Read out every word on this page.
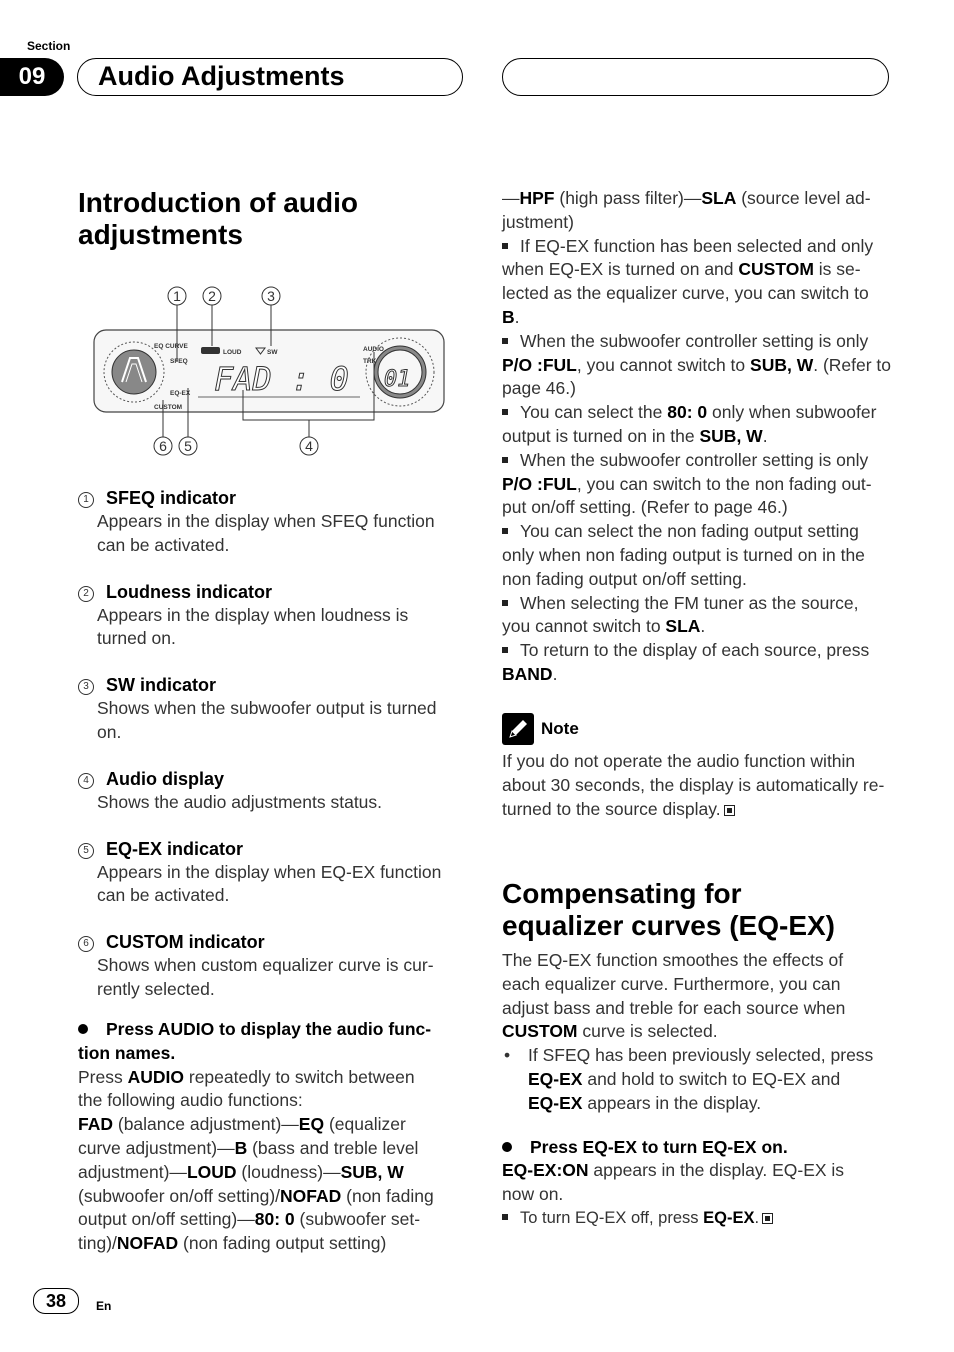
Section
09	Audio Adjustments
Introduction of audio
adjustments
1 2	3
6 5	4
EQ CURVE
SFEQ
EQ-EX
CUSTOM
LOUD	SW	AUDIO
TRK
FAD : 0 01
1 SFEQ indicator
Appears in the display when SFEQ function
can be activated.
2 Loudness indicator
Appears in the display when loudness is
turned on.
3 SW indicator
Shows when the subwoofer output is turned
on.
4 Audio display
Shows the audio adjustments status.
5 EQ-EX indicator
Appears in the display when EQ-EX function
can be activated.
6 CUSTOM indicator
Shows when custom equalizer curve is cur-
rently selected.
Press AUDIO to display the audio func-
tion names.
Press AUDIO repeatedly to switch between
the following audio functions:
FAD (balance adjustment)—EQ (equalizer
curve adjustment)—B (bass and treble level
adjustment)—LOUD (loudness)—SUB, W
(subwoofer on/off setting)/NOFAD (non fading
output on/off setting)—80: 0 (subwoofer set-
ting)/NOFAD (non fading output setting)
—HPF (high pass filter)—SLA (source level ad-
justment)
If EQ-EX function has been selected and only
when EQ-EX is turned on and CUSTOM is se-
lected as the equalizer curve, you can switch to
B.
When the subwoofer controller setting is only
P/O :FUL, you cannot switch to SUB, W. (Refer to
page 46.)
You can select the 80: 0 only when subwoofer
output is turned on in the SUB, W.
When the subwoofer controller setting is only
P/O :FUL, you can switch to the non fading out-
put on/off setting. (Refer to page 46.)
You can select the non fading output setting
only when non fading output is turned on in the
non fading output on/off setting.
When selecting the FM tuner as the source,
you cannot switch to SLA.
To return to the display of each source, press
BAND.
Note
If you do not operate the audio function within
about 30 seconds, the display is automatically re-
turned to the source display.
Compensating for
equalizer curves (EQ-EX)
The EQ-EX function smoothes the effects of
each equalizer curve. Furthermore, you can
adjust bass and treble for each source when
CUSTOM curve is selected.
• If SFEQ has been previously selected, press
EQ-EX and hold to switch to EQ-EX and
EQ-EX appears in the display.
Press EQ-EX to turn EQ-EX on.
EQ-EX:ON appears in the display. EQ-EX is
now on.
To turn EQ-EX off, press EQ-EX.
38	En
